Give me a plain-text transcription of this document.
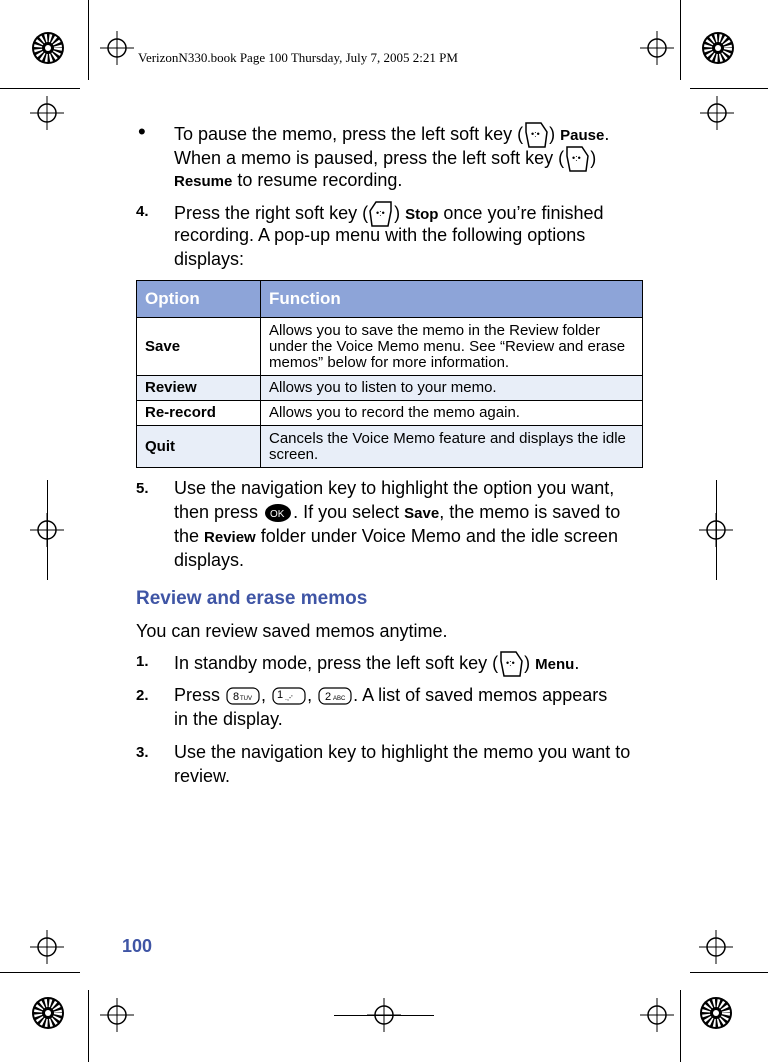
VerizonN330.book Page 100 Thursday, July 7, 2005 2:21 PM
• To pause the memo, press the left soft key ( •:• ) Pause.
When a memo is paused, press the left soft key ( •:• )
Resume to resume recording.
4. Press the right soft key ( •:• ) Stop once you’re finished
recording. A pop-up menu with the following options
displays:
Option	Function
Save	Allows you to save the memo in the Review folder under the Voice Memo menu. See “Review and erase memos” below for more information.
Review	Allows you to listen to your memo.
Re-record	Allows you to record the memo again.
Quit	Cancels the Voice Memo feature and displays the idle screen.
5. Use the navigation key to highlight the option you want,
then press OK . If you select Save, the memo is saved to
the Review folder under Voice Memo and the idle screen
displays.
Review and erase memos
You can review saved memos anytime.
1. In standby mode, press the left soft key ( •:• ) Menu.
2. Press 8 TUV , 1 .,-' , 2 ABC . A list of saved memos appears
in the display.
3. Use the navigation key to highlight the memo you want to
review.
100
